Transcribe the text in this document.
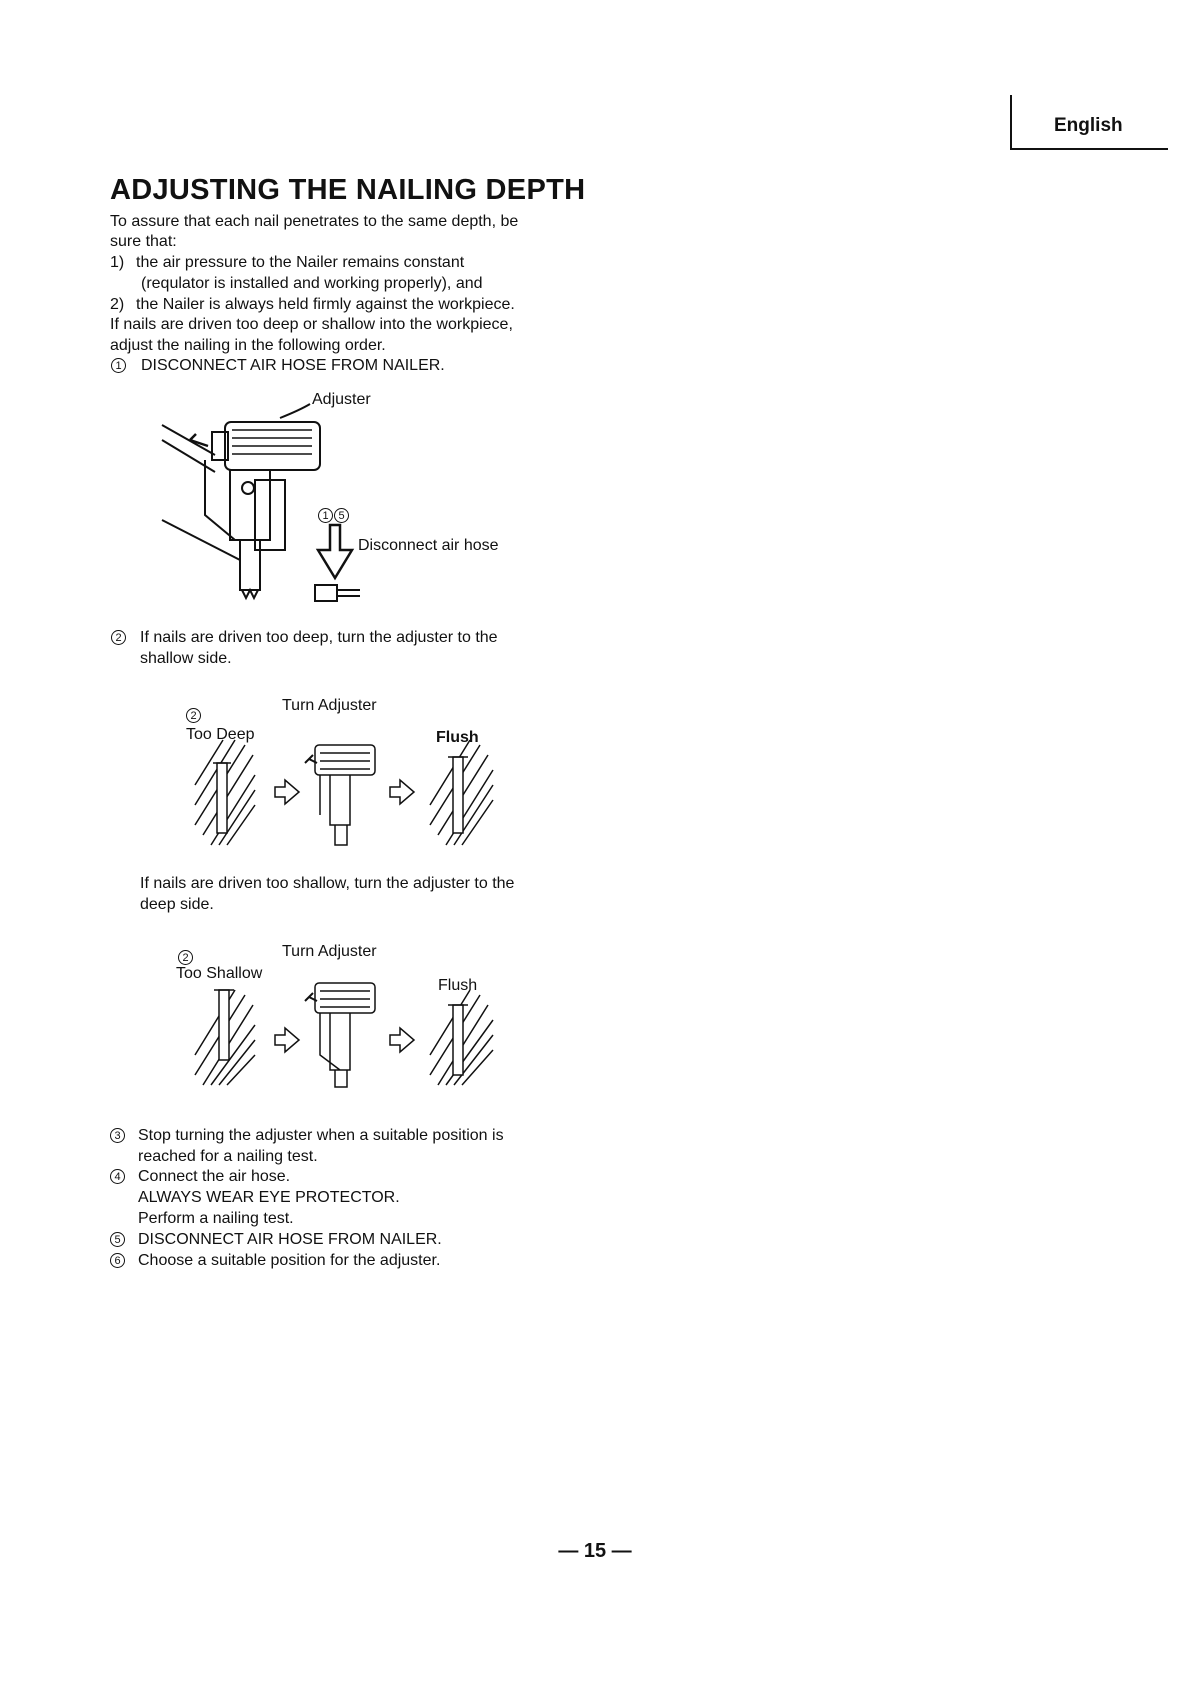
English
ADJUSTING THE NAILING DEPTH
To assure that each nail penetrates to the same depth, be
sure that:
1) the air pressure to the Nailer remains constant
(requlator is installed and working properly), and
2) the Nailer is always held firmly against the workpiece.
If nails are driven too deep or shallow into the workpiece,
adjust the nailing in the following order.
1 DISCONNECT AIR HOSE FROM NAILER.
Adjuster
1 5
Disconnect air hose
2 If nails are driven too deep, turn the adjuster to the
shallow side.
2
Turn Adjuster
Too Deep	Flush
If nails are driven too shallow, turn the adjuster to the
deep side.
2	Turn Adjuster
Too Shallow
Flush
3 Stop turning the adjuster when a suitable position is
reached for a nailing test.
4 Connect the air hose.
ALWAYS WEAR EYE PROTECTOR.
Perform a nailing test.
5 DISCONNECT AIR HOSE FROM NAILER.
6 Choose a suitable position for the adjuster.
— 15 —
